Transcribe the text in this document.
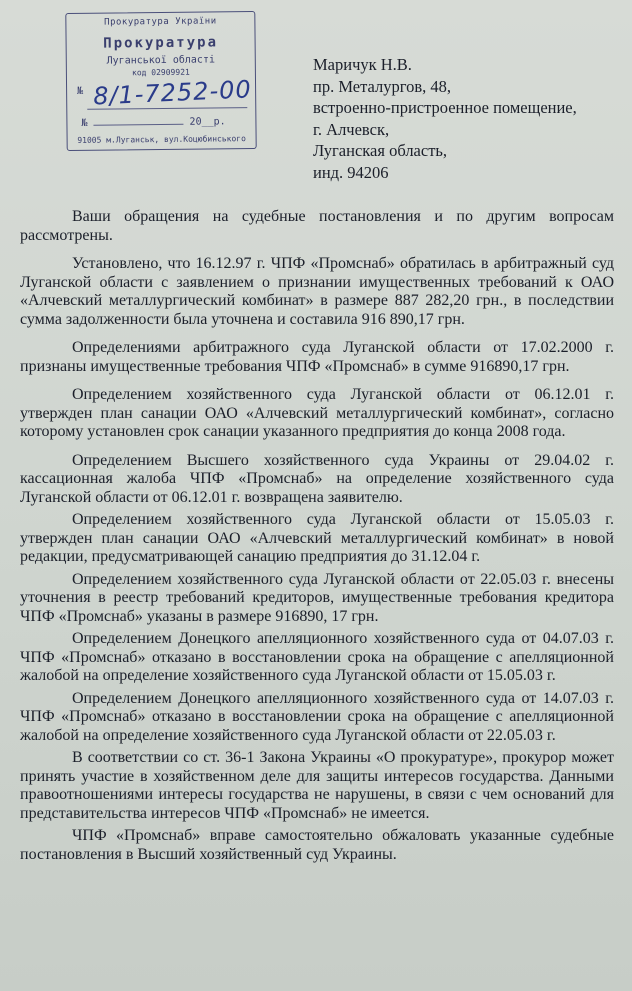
Прокуратура України
Прокуратура
Луганської області
код 02909921
№ 8/1-7252-00
№	20__р.
91005 м.Луганськ, вул.Коцюбинського
Маричук Н.В.
пр. Металургов, 48,
встроенно-пристроенное помещение,
г. Алчевск,
Луганская область,
инд. 94206

Ваши обращения на судебные постановления и по другим вопросам рассмотрены.

Установлено, что 16.12.97 г. ЧПФ «Промснаб» обратилась в арбитражный суд Луганской области с заявлением о признании имущественных требований к ОАО «Алчевский металлургический комбинат» в размере 887 282,20 грн., в последствии сумма задолженности была уточнена и составила 916 890,17 грн.

Определениями арбитражного суда Луганской области от 17.02.2000 г. признаны имущественные требования ЧПФ «Промснаб» в сумме 916890,17 грн.

Определением хозяйственного суда Луганской области от 06.12.01 г. утвержден план санации ОАО «Алчевский металлургический комбинат», согласно которому установлен срок санации указанного предприятия до конца 2008 года.

Определением Высшего хозяйственного суда Украины от 29.04.02 г. кассационная жалоба ЧПФ «Промснаб» на определение хозяйственного суда Луганской области от 06.12.01 г. возвращена заявителю.

Определением хозяйственного суда Луганской области от 15.05.03 г. утвержден план санации ОАО «Алчевский металлургический комбинат» в новой редакции, предусматривающей санацию предприятия до 31.12.04 г.

Определением хозяйственного суда Луганской области от 22.05.03 г. внесены уточнения в реестр требований кредиторов, имущественные требования кредитора ЧПФ «Промснаб» указаны в размере 916890, 17 грн.

Определением Донецкого апелляционного хозяйственного суда от 04.07.03 г. ЧПФ «Промснаб» отказано в восстановлении срока на обращение с апелляционной жалобой на определение хозяйственного суда Луганской области от 15.05.03 г.

Определением Донецкого апелляционного хозяйственного суда от 14.07.03 г. ЧПФ «Промснаб» отказано в восстановлении срока на обращение с апелляционной жалобой на определение хозяйственного суда Луганской области от 22.05.03 г.

В соответствии со ст. 36-1 Закона Украины «О прокуратуре», прокурор может принять участие в хозяйственном деле для защиты интересов государства. Данными правоотношениями интересы государства не нарушены, в связи с чем оснований для представительства интересов ЧПФ «Промснаб» не имеется.

ЧПФ «Промснаб» вправе самостоятельно обжаловать указанные судебные постановления в Высший хозяйственный суд Украины.
